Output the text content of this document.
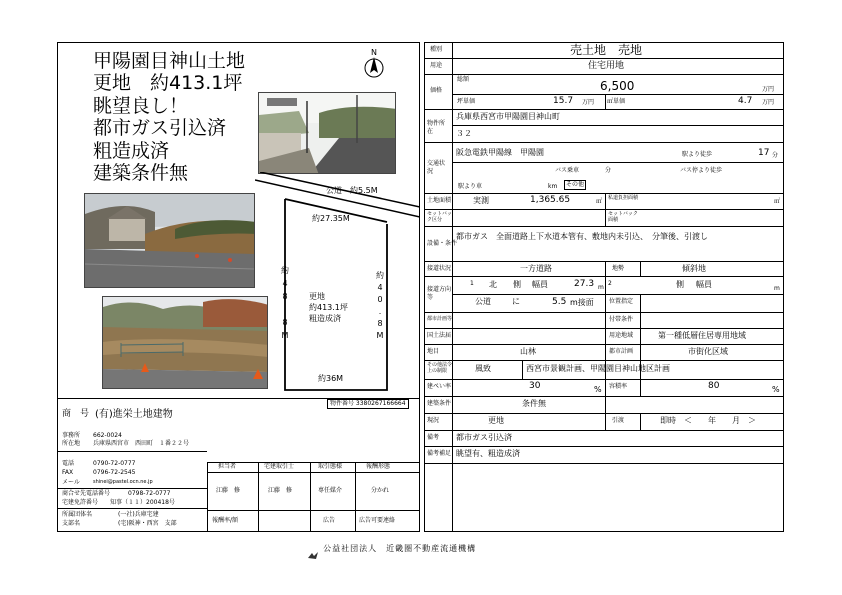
甲陽園目神山土地
更地　約413.1坪
眺望良し！
都市ガス引込済
粗造成済
建築条件無
N
公道　約5.5M
約27.35M
約
4
8
.
8
M
約
4
0
.
8
M
更地
約413.1坪
粗造成済
約36M
物件番号 3380267166664
商　号 (有)進栄土地建物
事務所 662-0024
所在地 兵庫県西宮市　西田町　１番２２号
電話	0790-72-0777
FAX	0796-72-2545
メール	shinei@pastel.ocn.ne.jp
商合せ先電話番号	0798-72-0777
宅建免許番号 知事（１１）200418号
所属団体名	(一社)兵庫宅建
支部名	(宅)阪神・西宮　支部
担当者	宅建取引士	取引態様	報酬形態
江藤　修	江藤　修	専任媒介	分かれ
報酬率/額	広告	広告可要連絡
種別	売土地　売地
用途	住宅用地
価格
総額	6,500	万円
坪単価	15.7 万円 ㎡単価	4.7 万円
物件所在
兵庫県西宮市甲陽園目神山町
３２
交通状況
阪急電鉄甲陽線　甲陽園	駅より徒歩	17 分
バス乗車	分	バス停より徒歩
駅より車	km	その他
土地面積	実測	1,365.65	㎡ 私道負担面積	㎡
セットバック区分
セットバック面積
設備・条件
都市ガス　全面道路上下水道本管有、敷地内未引込、　分筆後、引渡し
接道状況	一方道路	地勢	傾斜地
接道方向等
1 北 側 幅員	27.3 m
2	側 幅員	m
公道	に	5.5 m接面	位置指定
都市計画等	付帯条件
国土法届	用途地域	第一種低層住居専用地域
地目	山林	都市計画	市街化区域
その他法令上の制限	風致	西宮市景観計画、甲陽園目神山地区計画
建ぺい率	30	% 容積率	80	%
建築条件	条件無
現況	更地	引渡	即時　＜　　年　　月　＞
備考 都市ガス引込済
備考補足 眺望有、粗造成済
公益社団法人　近畿圏不動産流通機構
